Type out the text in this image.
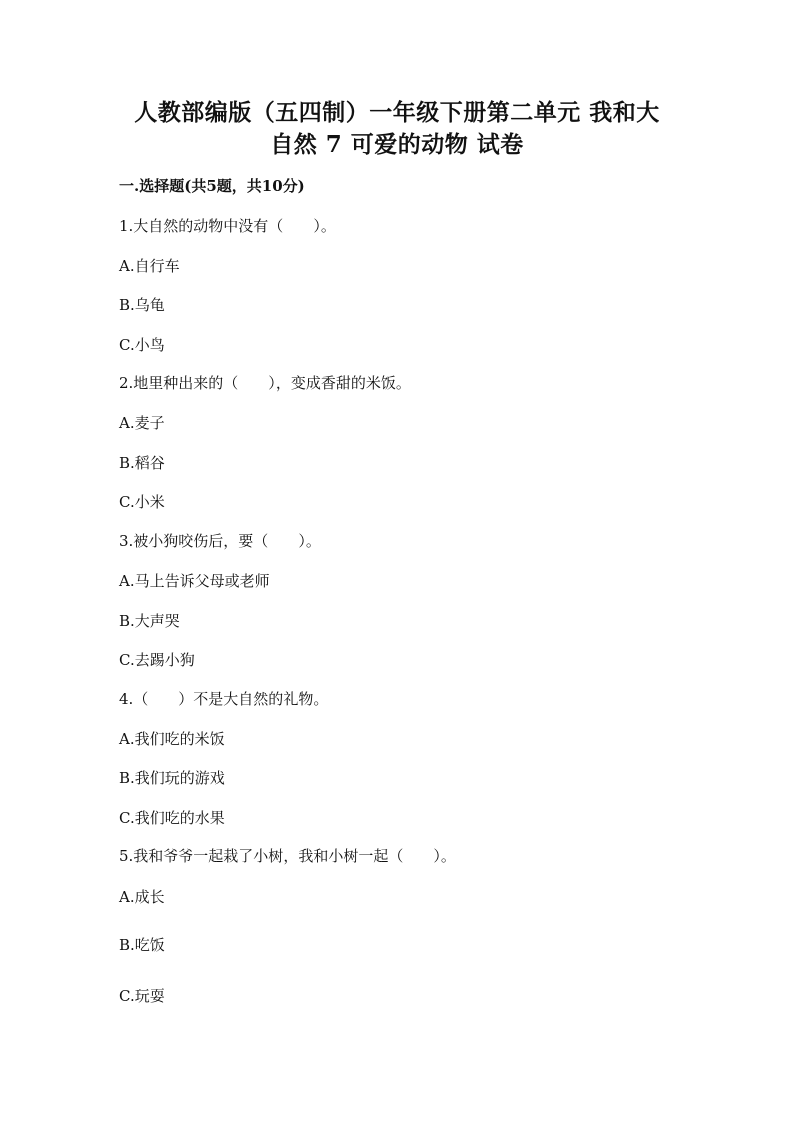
人教部编版（五四制）一年级下册第二单元 我和大
自然 7 可爱的动物 试卷
一.选择题(共5题，共10分)
1.大自然的动物中没有（　　）。
A.自行车
B.乌龟
C.小鸟
2.地里种出来的（　　），变成香甜的米饭。
A.麦子
B.稻谷
C.小米
3.被小狗咬伤后，要（　　）。
A.马上告诉父母或老师
B.大声哭
C.去踢小狗
4.（　　）不是大自然的礼物。
A.我们吃的米饭
B.我们玩的游戏
C.我们吃的水果
5.我和爷爷一起栽了小树，我和小树一起（　　）。
A.成长
B.吃饭
C.玩耍
